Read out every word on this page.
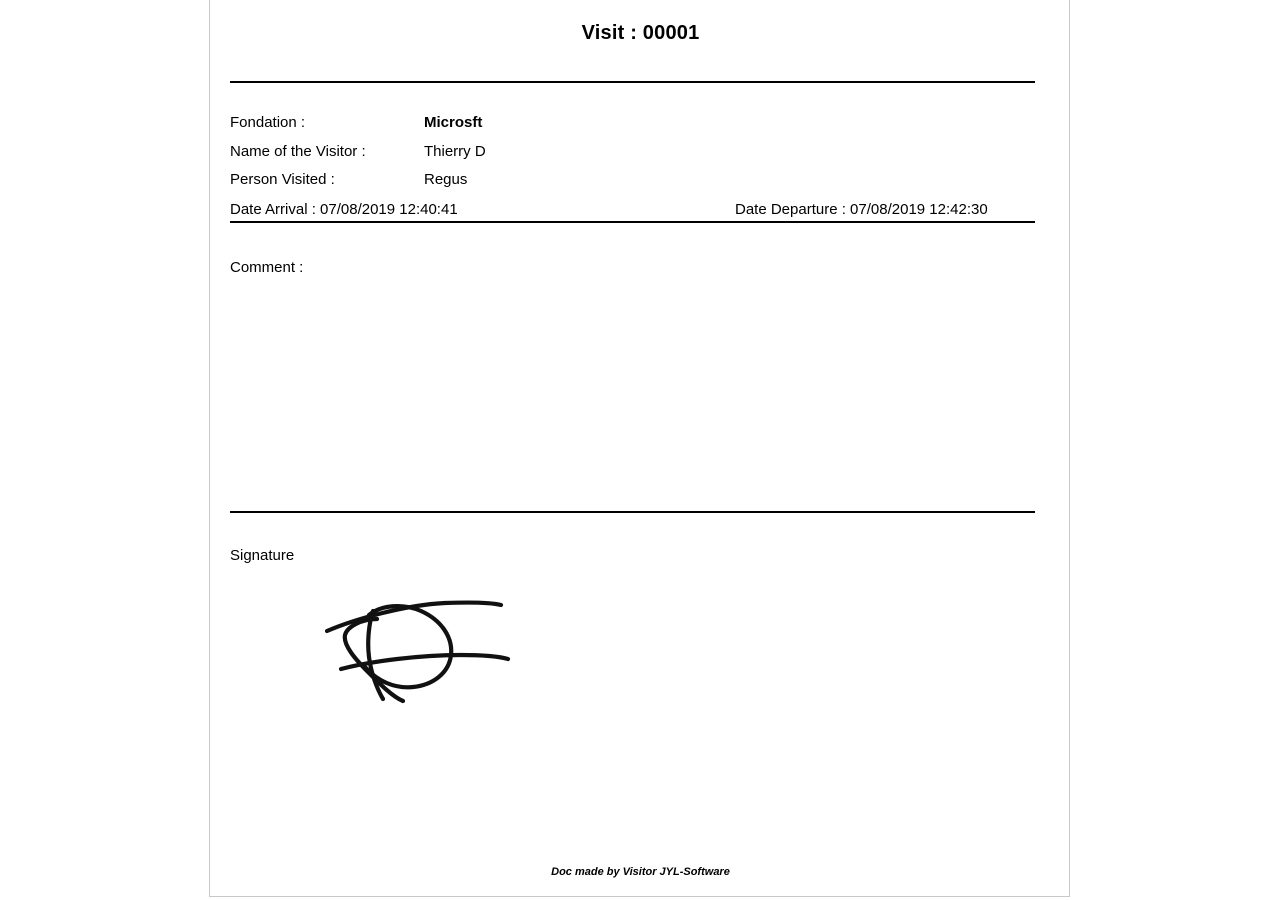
Visit : 00001
Fondation :	Microsft
Name of the Visitor :	Thierry D
Person Visited :	Regus
Date Arrival : 07/08/2019 12:40:41	Date Departure : 07/08/2019 12:42:30
Comment :
Signature
Doc made by Visitor JYL-Software
